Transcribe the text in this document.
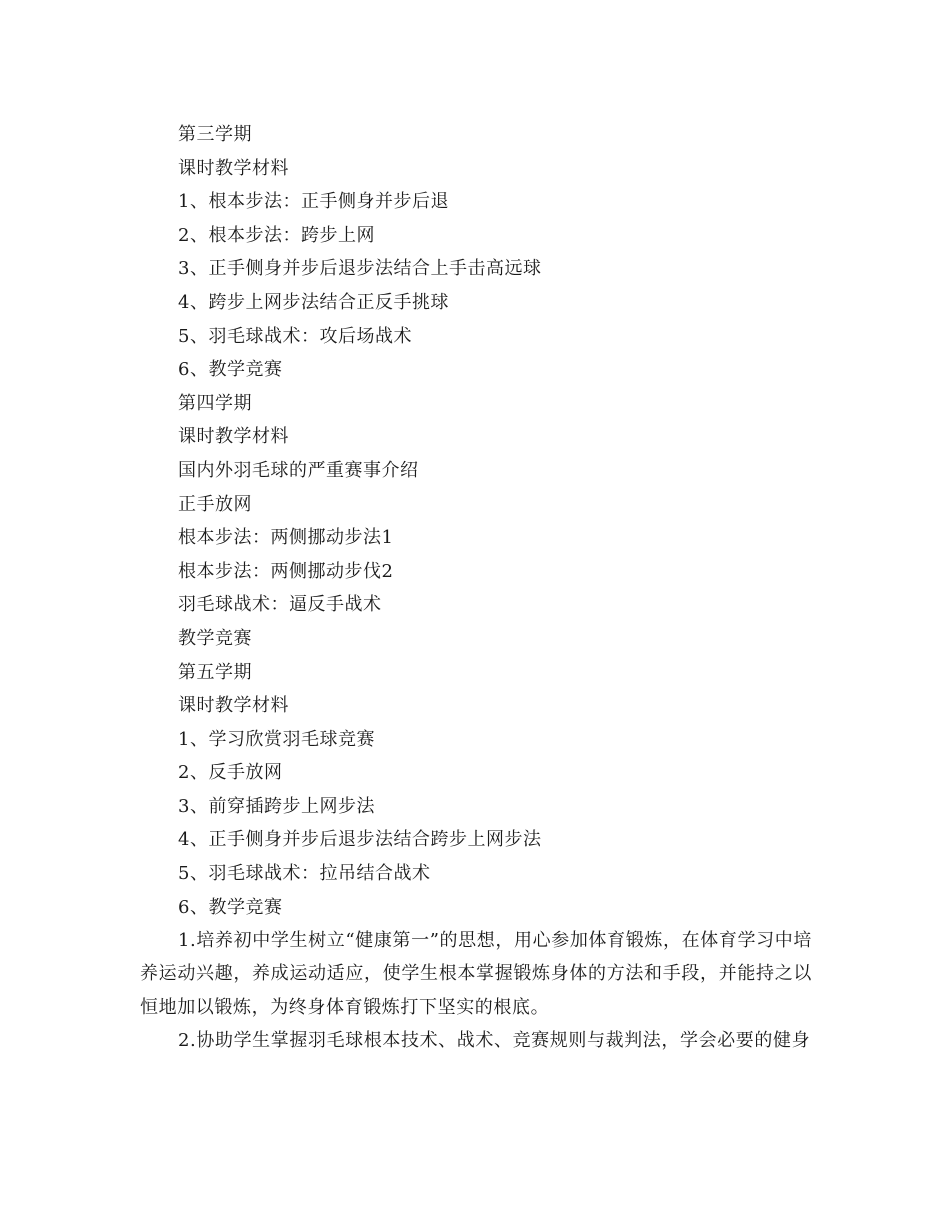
第三学期
课时教学材料
1、根本步法：正手侧身并步后退
2、根本步法：跨步上网
3、正手侧身并步后退步法结合上手击高远球
4、跨步上网步法结合正反手挑球
5、羽毛球战术：攻后场战术
6、教学竞赛
第四学期
课时教学材料
国内外羽毛球的严重赛事介绍
正手放网
根本步法：两侧挪动步法1
根本步法：两侧挪动步伐2
羽毛球战术：逼反手战术
教学竞赛
第五学期
课时教学材料
1、学习欣赏羽毛球竞赛
2、反手放网
3、前穿插跨步上网步法
4、正手侧身并步后退步法结合跨步上网步法
5、羽毛球战术：拉吊结合战术
6、教学竞赛

1.培养初中学生树立“健康第一”的思想，用心参加体育锻炼，在体育学习中培养运动兴趣，养成运动适应，使学生根本掌握锻炼身体的方法和手段，并能持之以恒地加以锻炼，为终身体育锻炼打下坚实的根底。

2.协助学生掌握羽毛球根本技术、战术、竞赛规则与裁判法，学会必要的健身
